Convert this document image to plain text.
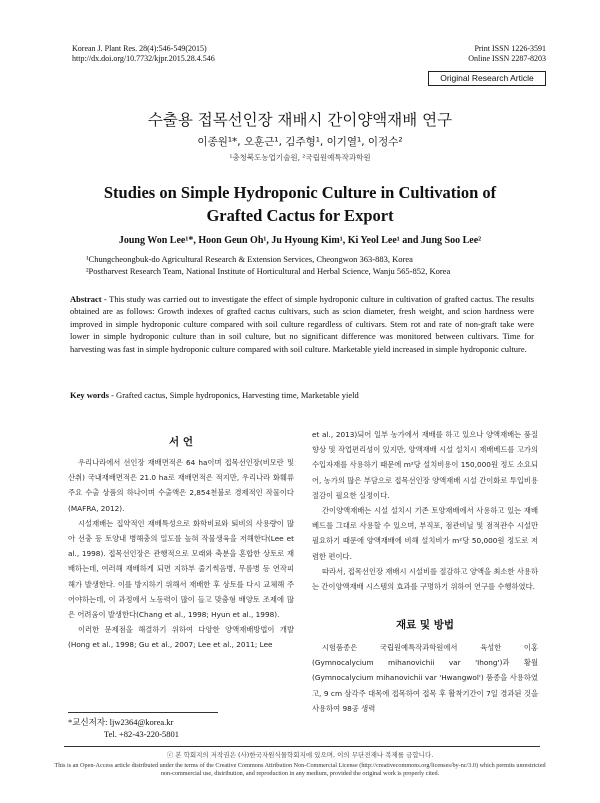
Korean J. Plant Res. 28(4):546-549(2015)
http://dx.doi.org/10.7732/kjpr.2015.28.4.546
Print ISSN 1226-3591
Online ISSN 2287-8203
Original Research Article
수출용 접목선인장 재배시 간이양액재배 연구
이종원¹*, 오훈근¹, 김주형¹, 이기열¹, 이정수²
¹충청북도농업기술원, ²국립원예특작과학원
Studies on Simple Hydroponic Culture in Cultivation of
Grafted Cactus for Export
Joung Won Lee¹*, Hoon Geun Oh¹, Ju Hyoung Kim¹, Ki Yeol Lee¹ and Jung Soo Lee²
¹Chungcheongbuk-do Agricultural Research & Extension Services, Cheongwon 363-883, Korea
²Postharvest Research Team, National Institute of Horticultural and Herbal Science, Wanju 565-852, Korea
Abstract - This study was carried out to investigate the effect of simple hydroponic culture in cultivation of grafted cactus. The results obtained are as follows: Growth indexes of grafted cactus cultivars, such as scion diameter, fresh weight, and scion hardness were improved in simple hydroponic culture compared with soil culture regardless of cultivars. Stem rot and rate of non-graft take were lower in simple hydroponic culture than in soil culture, but no significant difference was monitored between cultivars. Time for harvesting was fast in simple hydroponic culture compared with soil culture. Marketable yield increased in simple hydroponic culture.
Key words - Grafted cactus, Simple hydroponics, Harvesting time, Marketable yield
서 언

우리나라에서 선인장 재배면적은 64 ha이며 접목선인장(비모란 및 산취) 국내재배면적은 21.0 ha로 재배면적은 적지만, 우리나라 화훼류 주요 수출 상품의 하나이며 수출액은 2,854천불로 경제적인 작물이다(MAFRA, 2012).

시설재배는 집약적인 재배특성으로 화학비료와 퇴비의 사용량이 많아 선충 등 토양내 병해충의 밀도를 높혀 작물생육을 저해한다(Lee et al., 1998). 접목선인장은 관행적으로 모래와 축분을 혼합한 상토로 재배하는데, 여러해 재배하게 되면 지하부 줄기썩음병, 무름병 등 연작피해가 발생한다. 이를 방지하기 위해서 재배한 후 상토를 다시 교체해 주어야하는데, 이 과정에서 노동력이 많이 들고 맞춤형 배양토 조제에 많은 어려움이 발생한다(Chang et al., 1998; Hyun et al., 1998).

이러한 문제점을 해결하기 위하여 다양한 양액재배방법이 개발(Hong et al., 1998; Gu et al., 2007; Lee et al., 2011; Lee

et al., 2013)되어 일부 농가에서 재배를 하고 있으나 양액재배는 품질향상 및 작업편리성이 있지만, 양액재배 시설 설치시 재배베드를 고가의 수입자재를 사용하기 때문에 m²당 설치비용이 150,000원 정도 소요되어, 농가의 많은 부담으로 접목선인장 양액재배 시설 간이화로 투입비용 절감이 필요한 실정이다.

간이양액재배는 시설 설치시 기존 토양재배에서 사용하고 있는 재배베드를 그대로 사용할 수 있으며, 부직포, 점관비닐 및 점적관수 시설만 필요하기 때문에 양액재배에 비해 설치비가 m²당 50,000원 정도로 저렴한 편이다.

따라서, 접목선인장 재배시 시설비를 절감하고 양액을 최소한 사용하는 간이양액재배 시스템의 효과를 구명하기 위하여 연구를 수행하였다.

재료 및 방법

시험품종은 국립원예특작과학원에서 육성한 이홍(Gymnocalycium mihanovichii var 'Ihong')과 황월(Gymnocalycium mihanovichii var 'Hwangwol') 품종을 사용하였고, 9 cm 삼각주 대목에 접목하여 접목 후 활착기간이 7일 경과된 것을 사용하여 98공 생력

*교신저자: ljw2364@korea.kr
Tel. +82-43-220-5801
ⓒ 본 학회지의 저작권은 (사)한국자원식물학회지에 있으며, 이의 무단전재나 복제를 금합니다.
This is an Open-Access article distributed under the terms of the Creative Commons Attribution Non-Commercial License (http://creativecommons.org/licenses/by-nc/3.0) which permits unrestricted non-commercial use, distribution, and reproduction in any medium, provided the original work is properly cited.
